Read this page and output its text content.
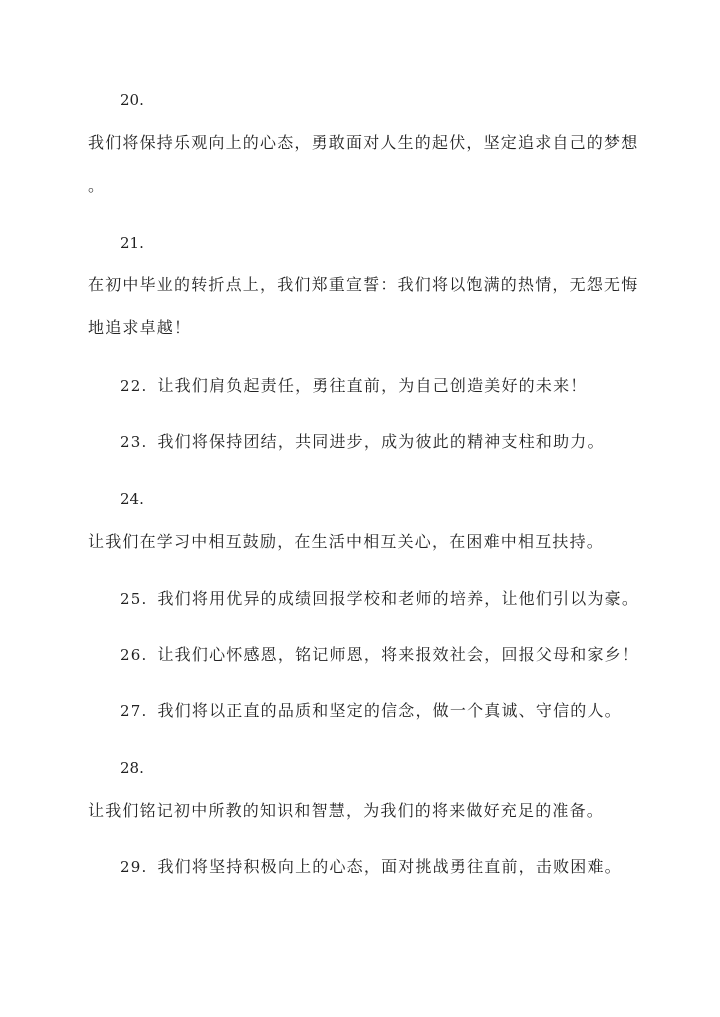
20.
我们将保持乐观向上的心态，勇敢面对人生的起伏，坚定追求自己的梦想
。
21.
在初中毕业的转折点上，我们郑重宣誓：我们将以饱满的热情，无怨无悔
地追求卓越！
22. 让我们肩负起责任，勇往直前，为自己创造美好的未来！
23. 我们将保持团结，共同进步，成为彼此的精神支柱和助力。
24.
让我们在学习中相互鼓励，在生活中相互关心，在困难中相互扶持。
25. 我们将用优异的成绩回报学校和老师的培养，让他们引以为豪。
26. 让我们心怀感恩，铭记师恩，将来报效社会，回报父母和家乡！
27. 我们将以正直的品质和坚定的信念，做一个真诚、守信的人。
28.
让我们铭记初中所教的知识和智慧，为我们的将来做好充足的准备。
29. 我们将坚持积极向上的心态，面对挑战勇往直前，击败困难。
